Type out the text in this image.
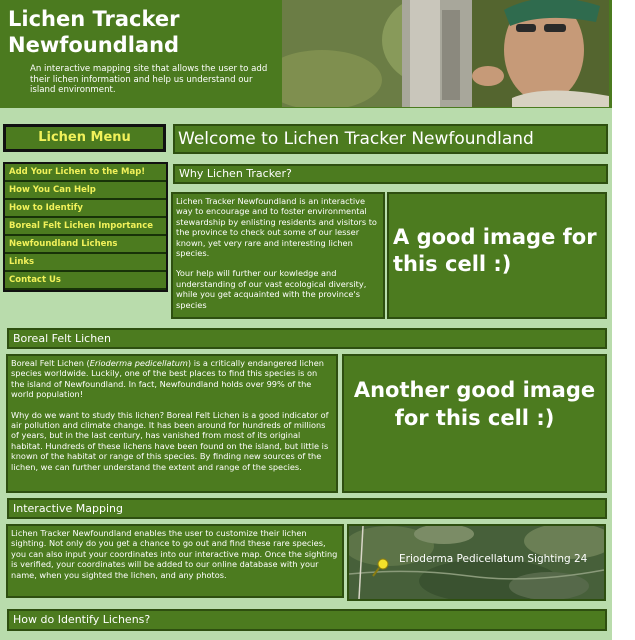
Lichen Tracker
Newfoundland
An interactive mapping site that allows the user to add their lichen information and help us understand our island environment.
Lichen Menu
Add Your Lichen to the Map!
How You Can Help
How to Identify
Boreal Felt Lichen Importance
Newfoundland Lichens
Links
Contact Us
Welcome to Lichen Tracker Newfoundland
Why Lichen Tracker?

Lichen Tracker Newfoundland is an interactive way to encourage and to foster environmental stewardship by enlisting residents and visitors to the province to check out some of our lesser known, yet very rare and interesting lichen species.

Your help will further our kowledge and understanding of our vast ecological diversity, while you get acquainted with the province's species

A good image for this cell :)
Boreal Felt Lichen

Boreal Felt Lichen (Erioderma pedicellatum) is a critically endangered lichen species worldwide. Luckily, one of the best places to find this species is on the island of Newfoundland. In fact, Newfoundland holds over 99% of the world population!

Why do we want to study this lichen? Boreal Felt Lichen is a good indicator of air pollution and climate change. It has been around for hundreds of millions of years, but in the last century, has vanished from most of its original habitat. Hundreds of these lichens have been found on the island, but little is known of the habitat or range of this species. By finding new sources of the lichen, we can further understand the extent and range of the species.

Another good image for this cell :)
Interactive Mapping

Lichen Tracker Newfoundland enables the user to customize their lichen sighting. Not only do you get a chance to go out and find these rare species, you can also input your coordinates into our interactive map. Once the sighting is verified, your coordinates will be added to our online database with your name, when you sighted the lichen, and any photos.

Erioderma Pedicellatum Sighting 24
How do Identify Lichens?
